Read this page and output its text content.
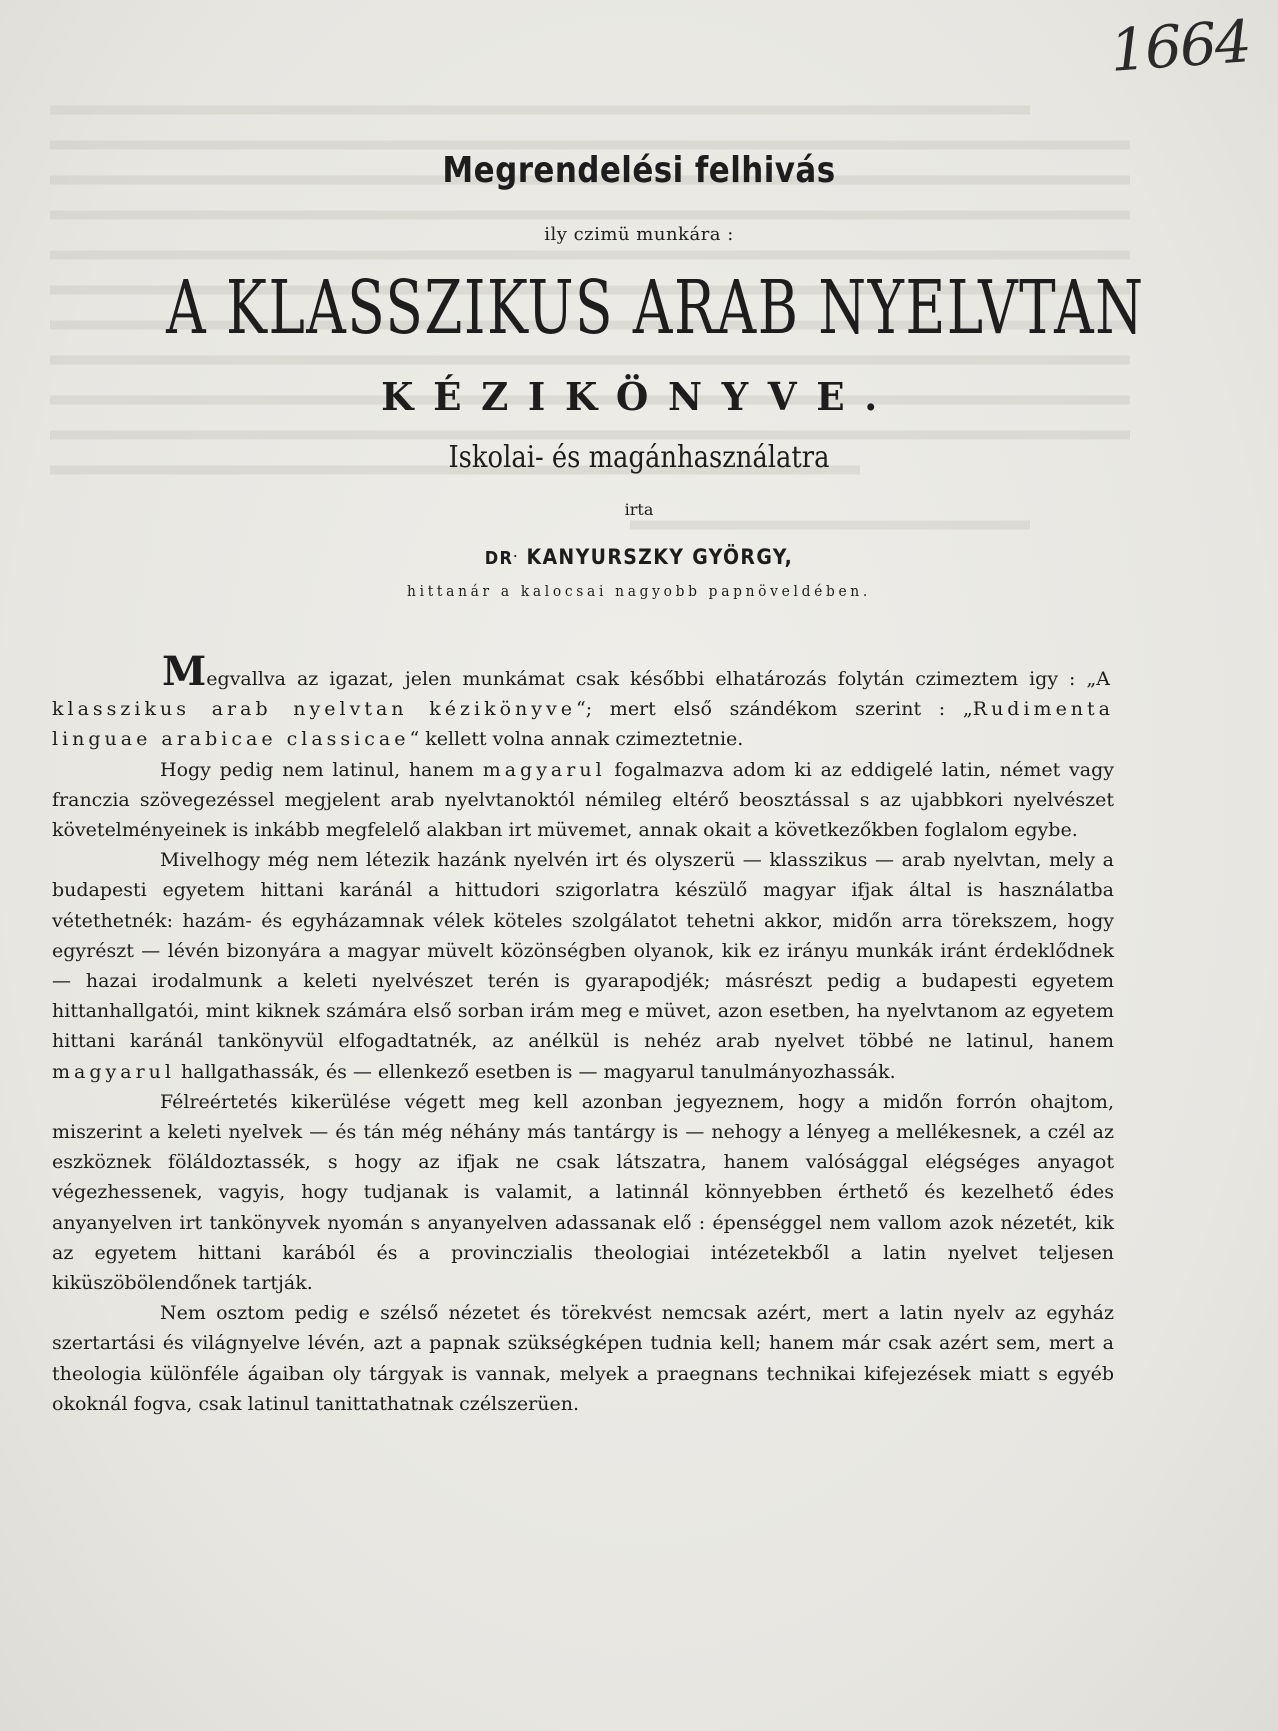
1664
Megrendelési felhivás
ily czimü munkára :
A KLASSZIKUS ARAB NYELVTAN
KÉZIKÖNYVE.
Iskolai- és magánhasználatra
irta
DR. KANYURSZKY GYÖRGY,
hittanár a kalocsai nagyobb papnöveldében.

Megvallva az igazat, jelen munkámat csak későbbi elhatározás folytán czimeztem igy : „A klasszikus arab nyelvtan kézikönyve“; mert első szándékom szerint : „Rudimenta linguae arabicae classicae“ kellett volna annak czimeztetnie.

Hogy pedig nem latinul, hanem magyarul fogalmazva adom ki az eddigelé latin, német vagy franczia szövegezéssel megjelent arab nyelvtanoktól némileg eltérő beosztással s az ujabbkori nyelvészet követelményeinek is inkább megfelelő alakban irt müvemet, annak okait a következőkben foglalom egybe.

Mivelhogy még nem létezik hazánk nyelvén irt és olyszerü — klasszikus — arab nyelvtan, mely a budapesti egyetem hittani karánál a hittudori szigorlatra készülő magyar ifjak által is használatba vétethetnék: hazám- és egyházamnak vélek köteles szolgálatot tehetni akkor, midőn arra törekszem, hogy egyrészt — lévén bizonyára a magyar müvelt közönségben olyanok, kik ez irányu munkák iránt érdeklődnek — hazai irodalmunk a keleti nyelvészet terén is gyarapodjék; másrészt pedig a budapesti egyetem hittanhallgatói, mint kiknek számára első sorban irám meg e müvet, azon esetben, ha nyelvtanom az egyetem hittani karánál tankönyvül elfogadtatnék, az anélkül is nehéz arab nyelvet többé ne latinul, hanem magyarul hallgathassák, és — ellenkező esetben is — magyarul tanulmányozhassák.

Félreértetés kikerülése végett meg kell azonban jegyeznem, hogy a midőn forrón ohajtom, miszerint a keleti nyelvek — és tán még néhány más tantárgy is — nehogy a lényeg a mellékesnek, a czél az eszköznek föláldoztassék, s hogy az ifjak ne csak látszatra, hanem valósággal elégséges anyagot végezhessenek, vagyis, hogy tudjanak is valamit, a latinnál könnyebben érthető és kezelhető édes anyanyelven irt tankönyvek nyomán s anyanyelven adassanak elő : épenséggel nem vallom azok nézetét, kik az egyetem hittani karából és a provinczialis theologiai intézetekből a latin nyelvet teljesen kiküszöbölendőnek tartják.

Nem osztom pedig e szélső nézetet és törekvést nemcsak azért, mert a latin nyelv az egyház szertartási és világnyelve lévén, azt a papnak szükségképen tudnia kell; hanem már csak azért sem, mert a theologia különféle ágaiban oly tárgyak is vannak, melyek a praegnans technikai kifejezések miatt s egyéb okoknál fogva, csak latinul tanittathatnak czélszerüen.
